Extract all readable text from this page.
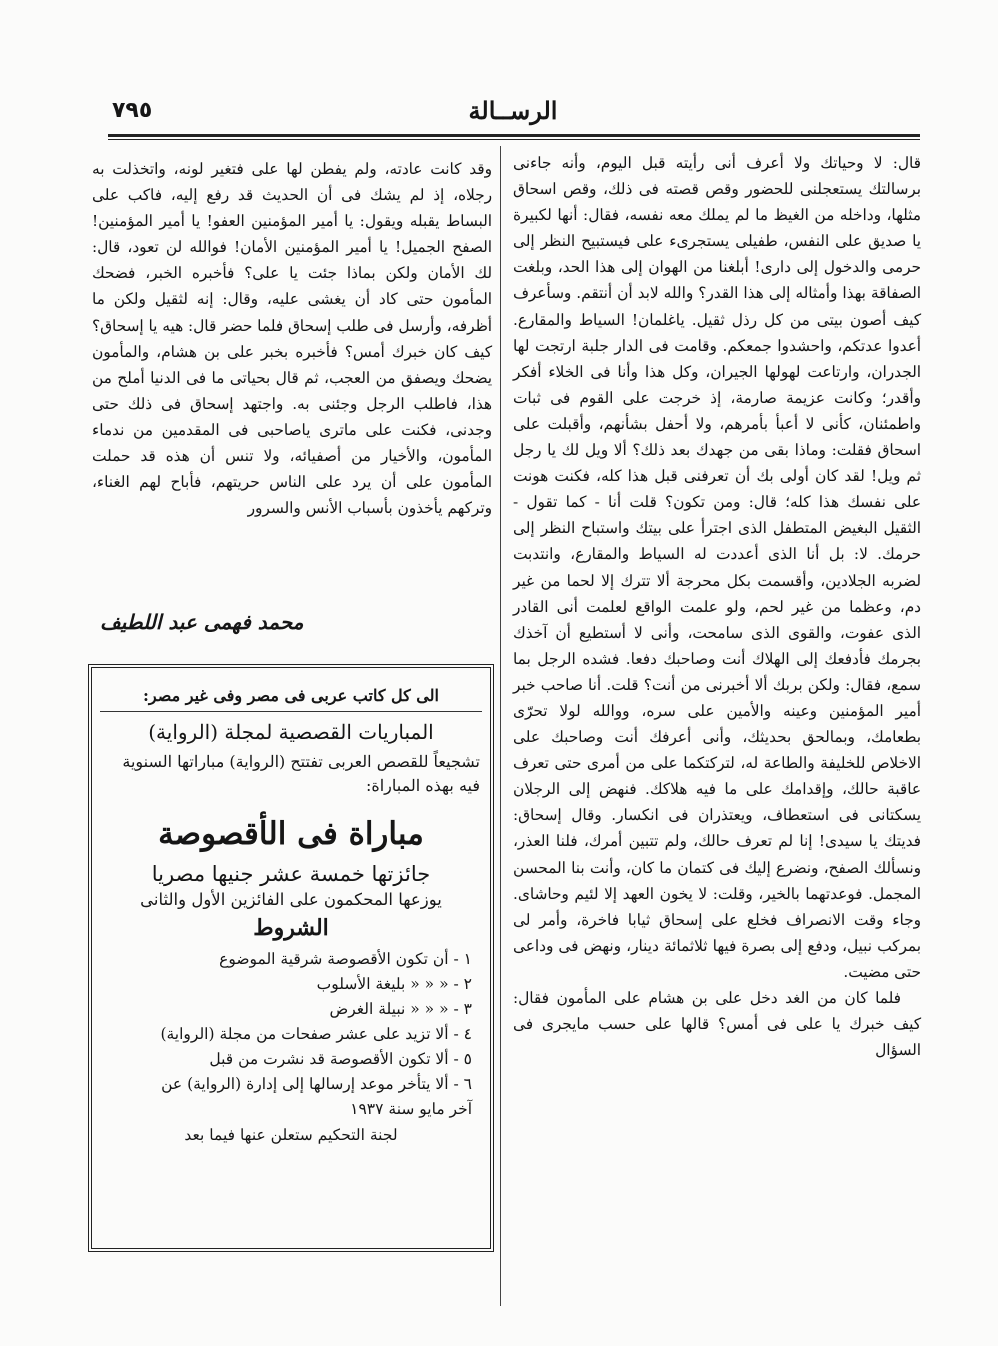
٧٩٥	الرســالة

قال: لا وحياتك ولا أعرف أنى رأيته قبل اليوم، وأنه جاءنى برسالتك يستعجلنى للحضور وقص قصته فى ذلك، وقص اسحاق مثلها، وداخله من الغيظ ما لم يملك معه نفسه، فقال: أنها لكبيرة يا صديق على النفس، طفيلى يستجرىء على فيستبيح النظر إلى حرمى والدخول إلى دارى! أبلغنا من الهوان إلى هذا الحد، وبلغت الصفاقة بهذا وأمثاله إلى هذا القدر؟ والله لابد أن أنتقم. وسأعرف كيف أصون بيتى من كل رذل ثقيل. ياغلمان! السياط والمقارع. أعدوا عدتكم، واحشدوا جمعكم. وقامت فى الدار جلبة ارتجت لها الجدران، وارتاعت لهولها الجيران، وكل هذا وأنا فى الخلاء أفكر وأقدر؛ وكانت عزيمة صارمة، إذ خرجت على القوم فى ثبات واطمئنان، كأنى لا أعبأ بأمرهم، ولا أحفل بشأنهم، وأقبلت على اسحاق فقلت: وماذا بقى من جهدك بعد ذلك؟ ألا ويل لك يا رجل ثم ويل! لقد كان أولى بك أن تعرفنى قبل هذا كله، فكنت هونت على نفسك هذا كله؛ قال: ومن تكون؟ قلت أنا - كما تقول - الثقيل البغيض المتطفل الذى اجترأ على بيتك واستباح النظر إلى حرمك. لا: بل أنا الذى أعددت له السياط والمقارع، وانتدبت لضربه الجلادين، وأقسمت بكل محرجة ألا تترك إلا لحما من غير دم، وعظما من غير لحم، ولو علمت الواقع لعلمت أنى القادر الذى عفوت، والقوى الذى سامحت، وأنى لا أستطيع أن آخذك بجرمك فأدفعك إلى الهلاك أنت وصاحبك دفعا. فشده الرجل بما سمع، فقال: ولكن بربك ألا أخبرنى من أنت؟ قلت. أنا صاحب خبر أمير المؤمنين وعينه والأمين على سره، ووالله لولا تحرّى بطعامك، وبمالحق بحديثك، وأنى أعرفك أنت وصاحبك على الاخلاص للخليفة والطاعة له، لتركتكما على من أمرى حتى تعرف عاقبة حالك، وإقدامك على ما فيه هلاكك. فنهض إلى الرجلان يسكتانى فى استعطاف، ويعتذران فى انكسار. وقال إسحاق: فديتك يا سيدى! إنا لم تعرف حالك، ولم تتبين أمرك، فلنا العذر، ونسألك الصفح، ونضرع إليك فى كتمان ما كان، وأنت بنا المحسن المجمل. فوعدتهما بالخير، وقلت: لا يخون العهد إلا لئيم وحاشاى. وجاء وقت الانصراف فخلع على إسحاق ثيابا فاخرة، وأمر لى بمركب نبيل، ودفع إلى بصرة فيها ثلاثمائة دينار، ونهض فى وداعى حتى مضيت.

فلما كان من الغد دخل على بن هشام على المأمون فقال: كيف خبرك يا على فى أمس؟ قالها على حسب مايجرى فى السؤال

وقد كانت عادته، ولم يفطن لها على فتغير لونه، واتخذلت به رجلاه، إذ لم يشك فى أن الحديث قد رفع إليه، فاكب على البساط يقبله ويقول: يا أمير المؤمنين العفو! يا أمير المؤمنين! الصفح الجميل! يا أمير المؤمنين الأمان! فوالله لن تعود، قال: لك الأمان ولكن بماذا جئت يا على؟ فأخبره الخبر، فضحك المأمون حتى كاد أن يغشى عليه، وقال: إنه لثقيل ولكن ما أظرفه، وأرسل فى طلب إسحاق فلما حضر قال: هيه يا إسحاق؟ كيف كان خبرك أمس؟ فأخبره بخبر على بن هشام، والمأمون يضحك ويصفق من العجب، ثم قال بحياتى ما فى الدنيا أملح من هذا، فاطلب الرجل وجئنى به. واجتهد إسحاق فى ذلك حتى وجدنى، فكنت على ماترى ياصاحبى فى المقدمين من ندماء المأمون، والأخيار من أصفيائه، ولا تنس أن هذه قد حملت المأمون على أن يرد على الناس حريتهم، فأباح لهم الغناء، وتركهم يأخذون بأسباب الأنس والسرور

محمد فهمى عبد اللطيف
الى كل كاتب عربى فى مصر وفى غير مصر:
المباريات القصصية لمجلة (الرواية)
تشجيعاً للقصص العربى تفتتح (الرواية) مباراتها السنوية فيه بهذه المباراة:
مباراة فى الأقصوصة
جائزتها خمسة عشر جنيها مصريا
يوزعها المحكمون على الفائزين الأول والثانى
الشروط
١ - أن تكون الأقصوصة شرقية الموضوع
٢ - « « « بليغة الأسلوب
٣ - « « « نبيلة الغرض
٤ - ألا تزيد على عشر صفحات من مجلة (الرواية)
٥ - ألا تكون الأقصوصة قد نشرت من قبل
٦ - ألا يتأخر موعد إرسالها إلى إدارة (الرواية) عن
آخر مايو سنة ١٩٣٧
لجنة التحكيم ستعلن عنها فيما بعد
